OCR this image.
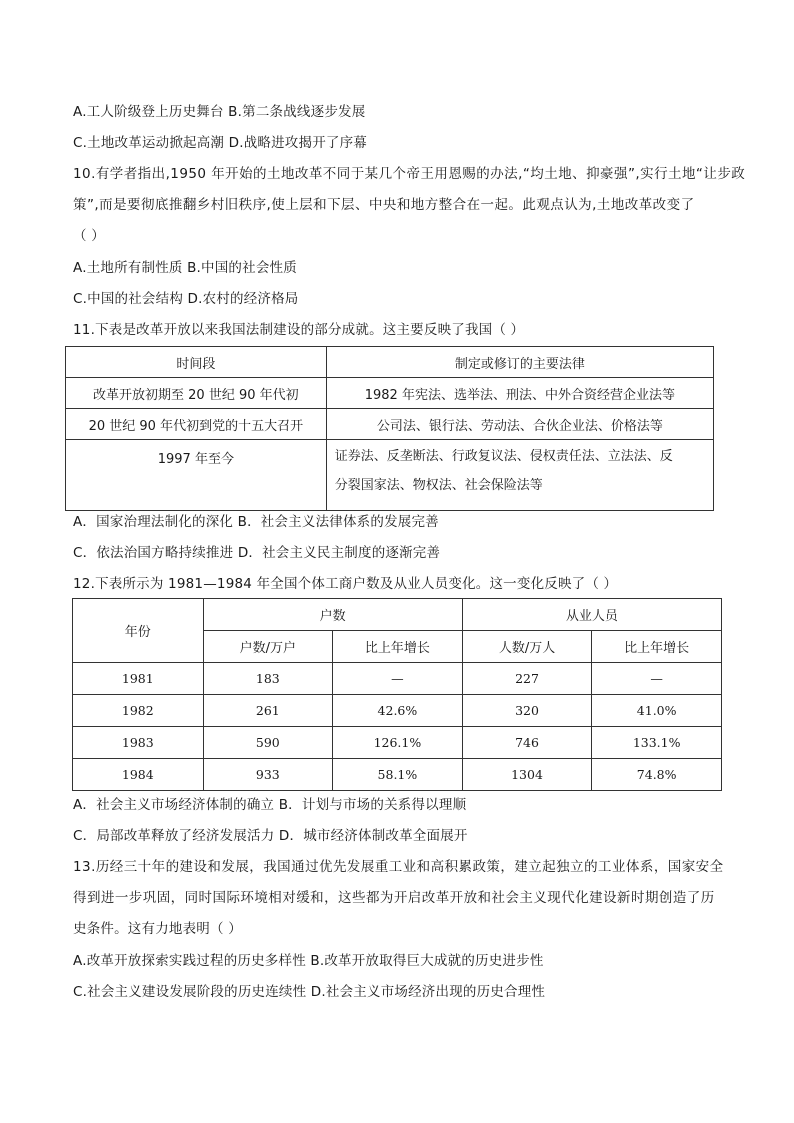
A.工人阶级登上历史舞台 B.第二条战线逐步发展
C.土地改革运动掀起高潮 D.战略进攻揭开了序幕
10.有学者指出,1950 年开始的土地改革不同于某几个帝王用恩赐的办法,“均土地、抑豪强”,实行土地“让步政
策”,而是要彻底推翻乡村旧秩序,使上层和下层、中央和地方整合在一起。此观点认为,土地改革改变了
（ ）
A.土地所有制性质 B.中国的社会性质
C.中国的社会结构 D.农村的经济格局
11.下表是改革开放以来我国法制建设的部分成就。这主要反映了我国（ ）
时间段	制定或修订的主要法律
改革开放初期至 20 世纪 90 年代初	1982 年宪法、选举法、刑法、中外合资经营企业法等
20 世纪 90 年代初到党的十五大召开	公司法、银行法、劳动法、合伙企业法、价格法等
1997 年至今	证券法、反垄断法、行政复议法、侵权责任法、立法法、反
分裂国家法、物权法、社会保险法等
A．国家治理法制化的深化 B．社会主义法律体系的发展完善
C．依法治国方略持续推进 D．社会主义民主制度的逐渐完善
12.下表所示为 1981—1984 年全国个体工商户数及从业人员变化。这一变化反映了（ ）
年份	户数		从业人员	
	户数/万户	比上年增长	人数/万人	比上年增长
1981	183	—	227	—
1982	261	42.6%	320	41.0%
1983	590	126.1%	746	133.1%
1984	933	58.1%	1304	74.8%
A．社会主义市场经济体制的确立 B．计划与市场的关系得以理顺
C．局部改革释放了经济发展活力 D．城市经济体制改革全面展开
13.历经三十年的建设和发展，我国通过优先发展重工业和高积累政策，建立起独立的工业体系，国家安全
得到进一步巩固，同时国际环境相对缓和，这些都为开启改革开放和社会主义现代化建设新时期创造了历
史条件。这有力地表明（ ）
A.改革开放探索实践过程的历史多样性 B.改革开放取得巨大成就的历史进步性
C.社会主义建设发展阶段的历史连续性 D.社会主义市场经济出现的历史合理性
